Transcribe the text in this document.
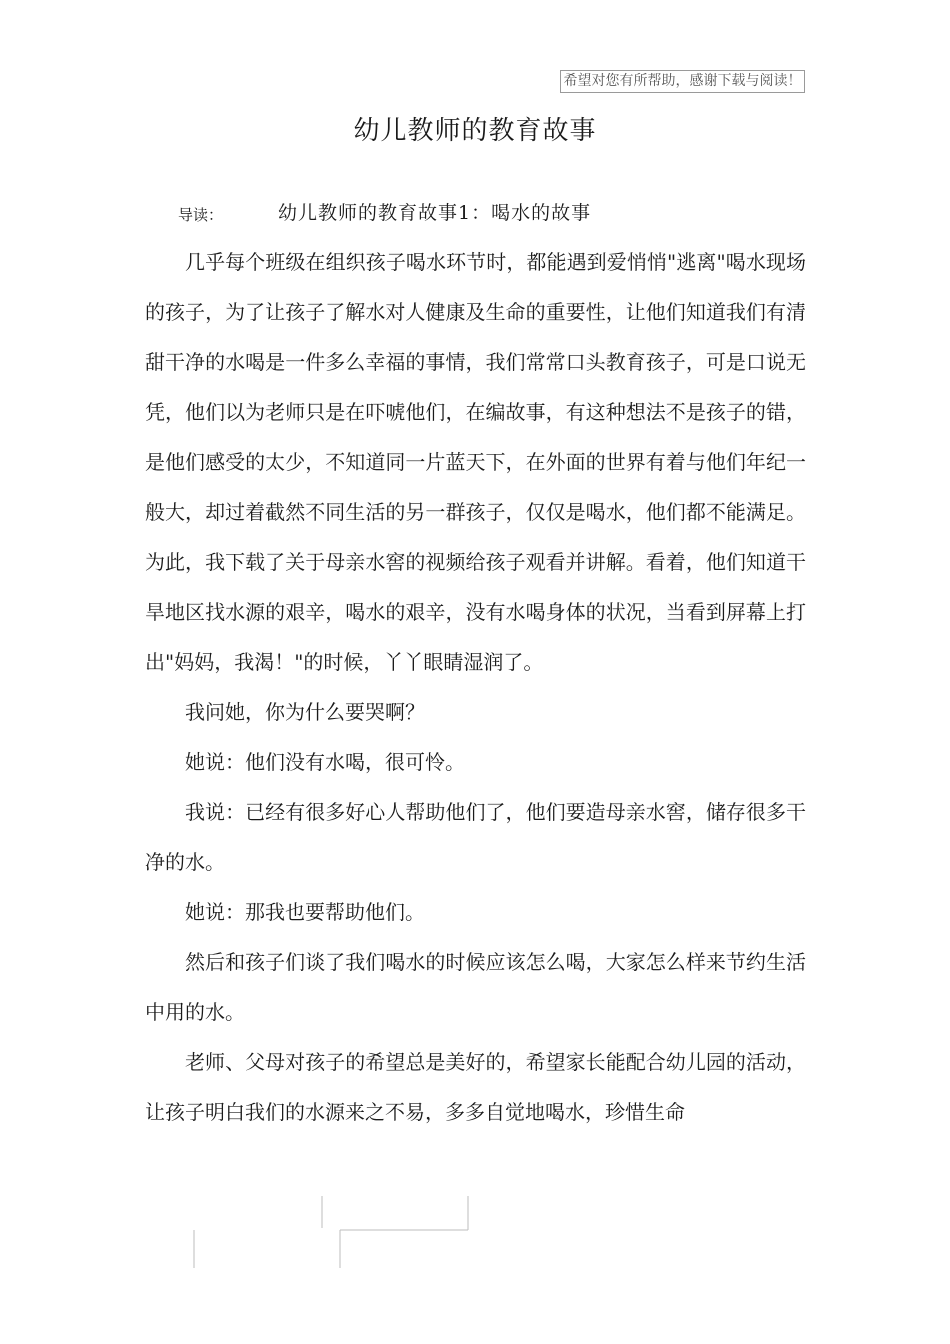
希望对您有所帮助，感谢下载与阅读！
幼儿教师的教育故事
导读：	幼儿教师的教育故事1：喝水的故事

几乎每个班级在组织孩子喝水环节时，都能遇到爱悄悄"逃离"喝水现场的孩子，为了让孩子了解水对人健康及生命的重要性，让他们知道我们有清甜干净的水喝是一件多么幸福的事情，我们常常口头教育孩子，可是口说无凭，他们以为老师只是在吓唬他们，在编故事，有这种想法不是孩子的错，是他们感受的太少，不知道同一片蓝天下，在外面的世界有着与他们年纪一般大，却过着截然不同生活的另一群孩子，仅仅是喝水，他们都不能满足。为此，我下载了关于母亲水窖的视频给孩子观看并讲解。看着，他们知道干旱地区找水源的艰辛，喝水的艰辛，没有水喝身体的状况，当看到屏幕上打出"妈妈，我渴！"的时候，丫丫眼睛湿润了。

我问她，你为什么要哭啊？

她说：他们没有水喝，很可怜。

我说：已经有很多好心人帮助他们了，他们要造母亲水窖，储存很多干净的水。

她说：那我也要帮助他们。

然后和孩子们谈了我们喝水的时候应该怎么喝，大家怎么样来节约生活中用的水。

老师、父母对孩子的希望总是美好的，希望家长能配合幼儿园的活动，让孩子明白我们的水源来之不易，多多自觉地喝水，珍惜生命
